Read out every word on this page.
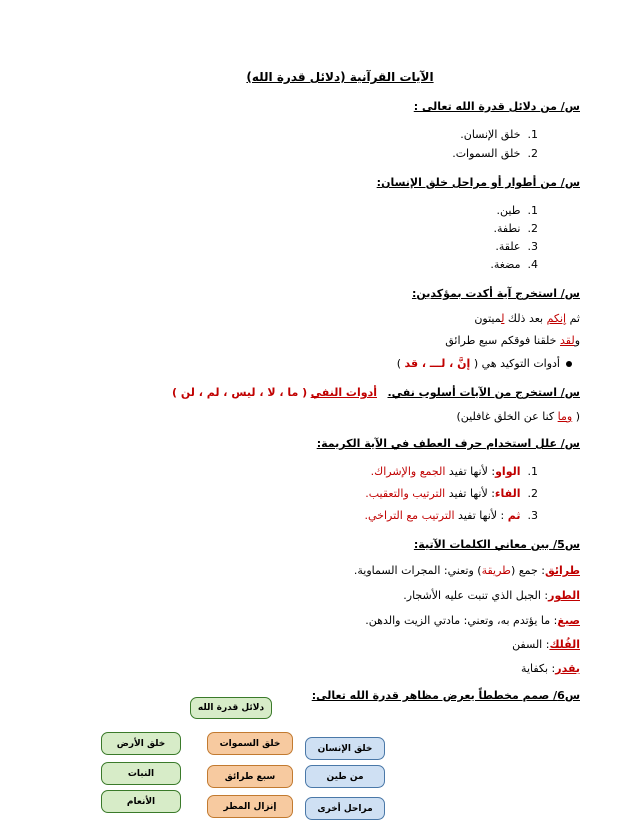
الآيات القرآنية (دلائل قدرة الله)
س/ من دلائل قدرة الله تعالى :
1.  خلق الإنسان.
2.  خلق السموات.
س/ من أطوار أو مراحل خلق الإنسان:
1.  طين.
2.  نطفة.
3.  علقة.
4.  مضغة.
س/ استخرج آية أكدت بمؤكدين:
ثم إنكم بعد ذلك لميتون
ولقد خلقنا فوقكم سبع طرائق
أدوات التوكيد هي ( إنَّ ، لـــ ، قد )
س/ استخرج من الآيات أسلوب نفي.   أدوات النفي ( ما ، لا ، ليس ، لم ، لن )
( وما كنا عن الخلق غافلين)
س/ علل استخدام حرف العطف في الآية الكريمة:
1.  الواو: لأنها تفيد الجمع والإشراك.
2.  الفاء: لأنها تفيد الترتيب والتعقيب.
3.  ثم : لأنها تفيد الترتيب مع التراخي.
س5/ بين معاني الكلمات الآتية:
طرائق: جمع (طريقة) وتعني: المجرات السماوية.
الطور: الجبل الذي تنبت عليه الأشجار.
صبغ: ما يؤتدم به، وتعني: مادتي الزيت والدهن.
الفُلك: السفن
بقدر: بكفاية
س6/ صمم مخططاً يعرض مظاهر قدرة الله تعالى:
دلائل قدرة الله
خلق الإنسان
خلق السموات
خلق الأرض
من طين
سبع طرائق
النبات
مراحل أخرى
إنزال المطر
الأنعام
